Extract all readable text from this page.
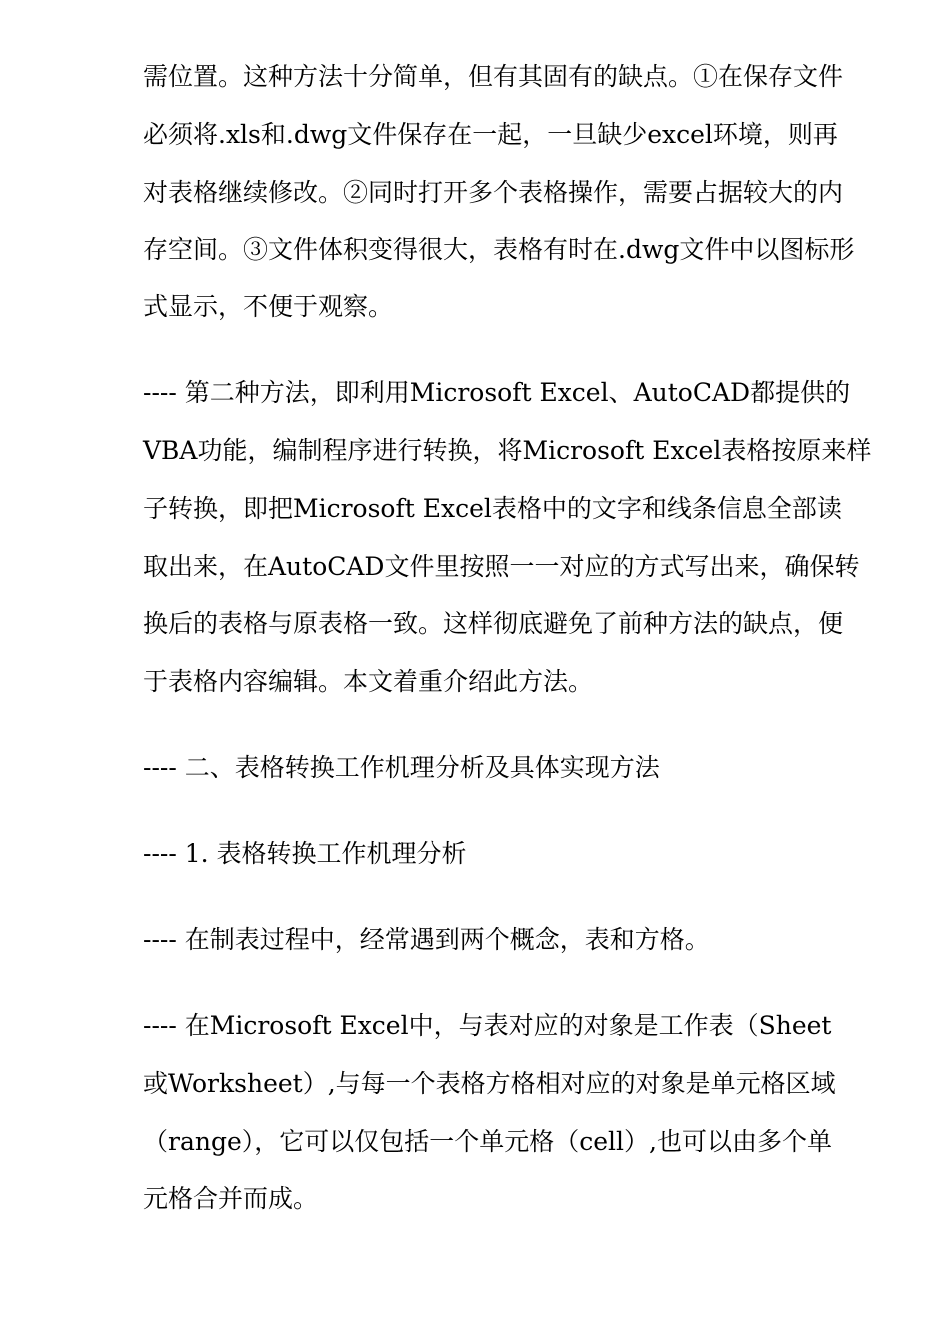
需位置。这种方法十分简单，但有其固有的缺点。①在保存文件
必须将.xls和.dwg文件保存在一起，一旦缺少excel环境，则再
对表格继续修改。②同时打开多个表格操作，需要占据较大的内
存空间。③文件体积变得很大，表格有时在.dwg文件中以图标形
式显示，不便于观察。
---- 第二种方法，即利用Microsoft Excel、AutoCAD都提供的
VBA功能，编制程序进行转换，将Microsoft Excel表格按原来样
子转换，即把Microsoft Excel表格中的文字和线条信息全部读
取出来，在AutoCAD文件里按照一一对应的方式写出来，确保转
换后的表格与原表格一致。这样彻底避免了前种方法的缺点，便
于表格内容编辑。本文着重介绍此方法。
---- 二、表格转换工作机理分析及具体实现方法
---- 1. 表格转换工作机理分析
---- 在制表过程中，经常遇到两个概念，表和方格。
---- 在Microsoft Excel中，与表对应的对象是工作表（Sheet
或Worksheet）,与每一个表格方格相对应的对象是单元格区域
（range），它可以仅包括一个单元格（cell）,也可以由多个单
元格合并而成。
